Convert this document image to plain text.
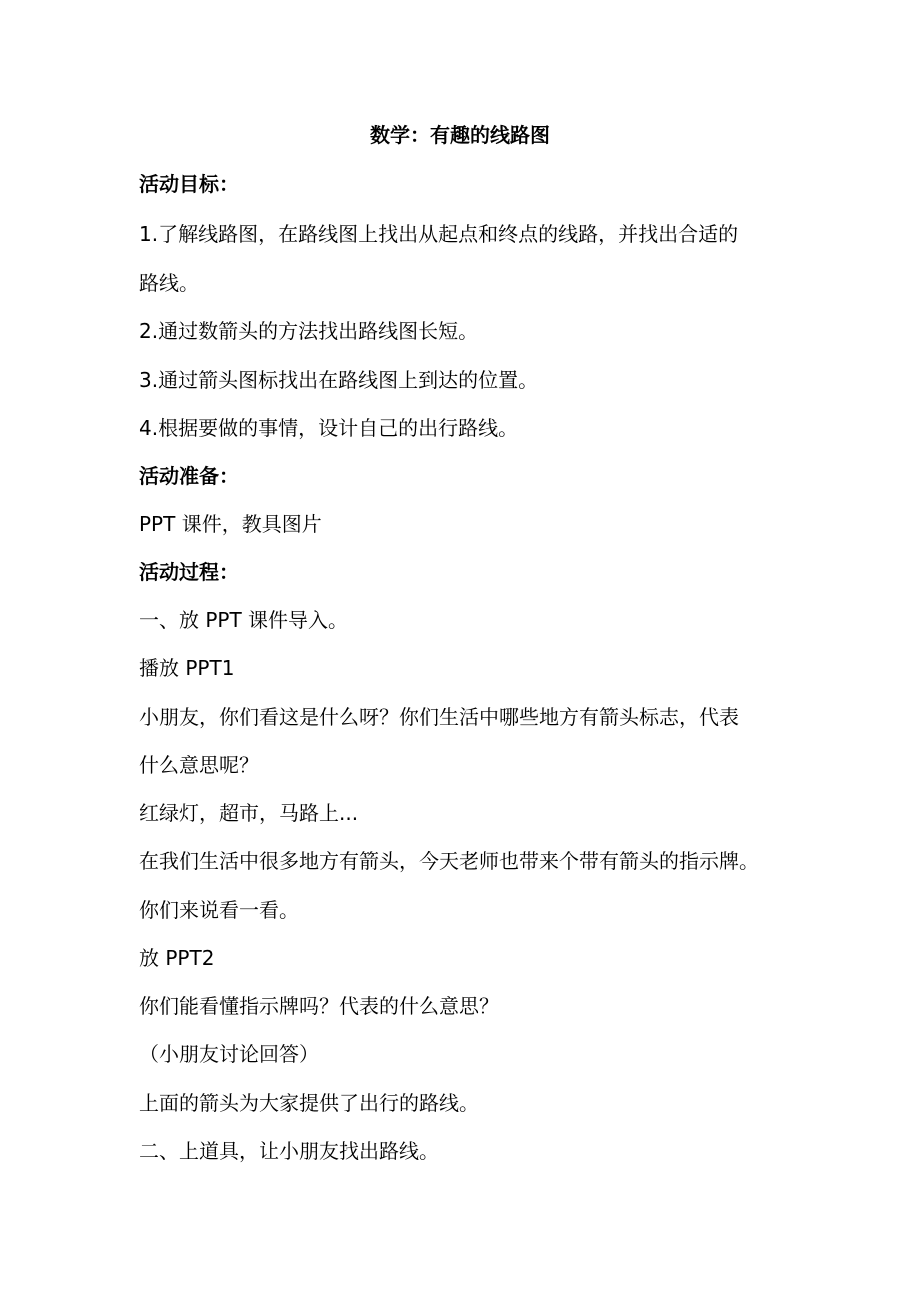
数学：有趣的线路图
活动目标：
1.了解线路图，在路线图上找出从起点和终点的线路，并找出合适的
路线。
2.通过数箭头的方法找出路线图长短。
3.通过箭头图标找出在路线图上到达的位置。
4.根据要做的事情，设计自己的出行路线。
活动准备：
PPT 课件，教具图片
活动过程：
一、放 PPT 课件导入。
播放 PPT1
小朋友，你们看这是什么呀？你们生活中哪些地方有箭头标志，代表
什么意思呢？
红绿灯，超市，马路上...
在我们生活中很多地方有箭头，今天老师也带来个带有箭头的指示牌。
你们来说看一看。
放 PPT2
你们能看懂指示牌吗？代表的什么意思？
（小朋友讨论回答）
上面的箭头为大家提供了出行的路线。
二、上道具，让小朋友找出路线。
